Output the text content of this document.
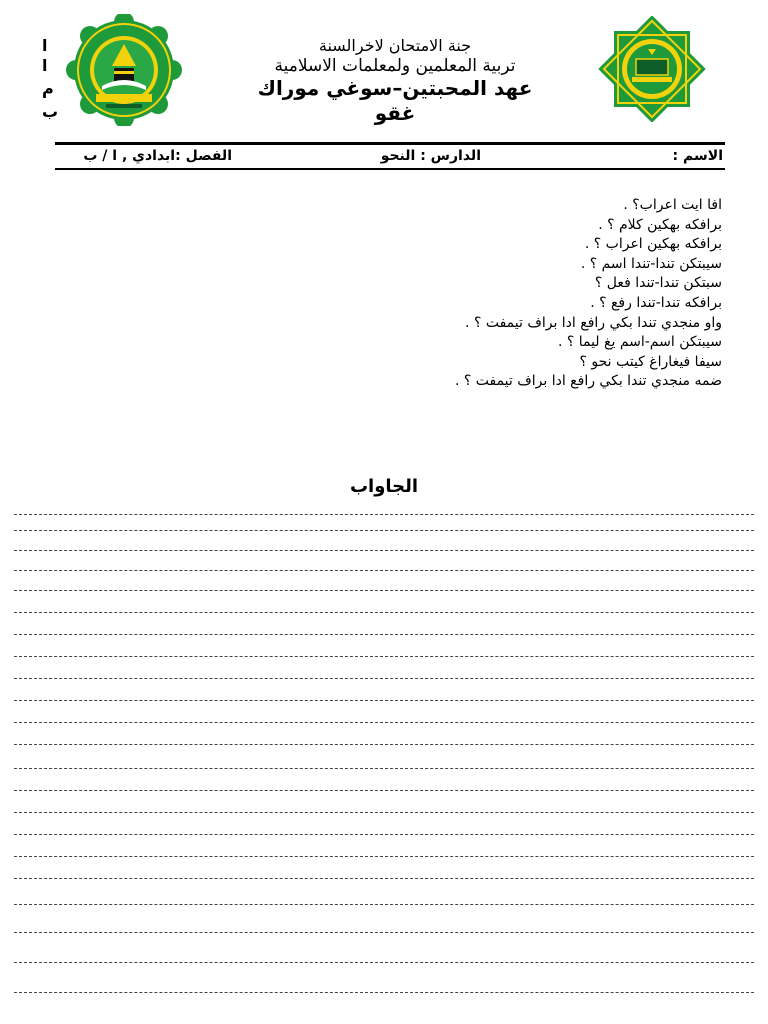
ا
ا
م
ب
جنة الامتحان لاخرالسنة
تربية المعلمين ولمعلمات الاسلامية
عهد المحبتين–سوغي موراك
غقو
الاسم :
الدارس : النحو
الفصل :ابدادي , ا / ب
افا ايت اعراب؟ .
برافكه بهكين كلام ؟ .
برافكه بهكين اعراب ؟ .
سيبتكن تندا-تندا اسم ؟ .
سبتكن تندا-تندا فعل ؟
برافكه تندا-تندا رفع ؟ .
واو منجدي تندا بكي رافع ادا براف تيمفت ؟ .
سيبتكن اسم-اسم يغ ليما ؟ .
سيفا فيغاراغ كيتب نحو ؟
ضمه منجدي تندا بكي رافع ادا براف تيمفت ؟ .
الجاواب
